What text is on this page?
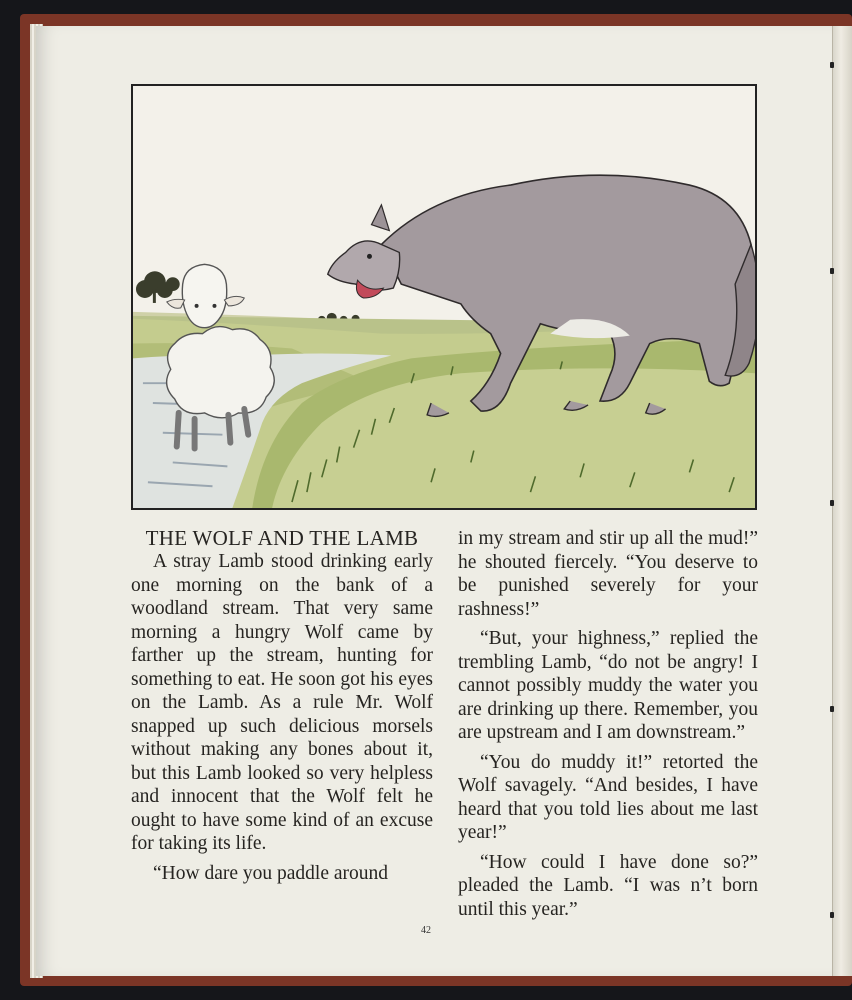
THE WOLF AND THE LAMB

A stray Lamb stood drinking early one morning on the bank of a woodland stream. That very same morning a hungry Wolf came by farther up the stream, hunting for something to eat. He soon got his eyes on the Lamb. As a rule Mr. Wolf snapped up such delicious morsels without making any bones about it, but this Lamb looked so very helpless and innocent that the Wolf felt he ought to have some kind of an excuse for taking its life.

“How dare you paddle around

in my stream and stir up all the mud!” he shouted fiercely. “You deserve to be punished severely for your rashness!”

“But, your highness,” replied the trembling Lamb, “do not be angry! I cannot possibly muddy the water you are drinking up there. Remember, you are upstream and I am downstream.”

“You do muddy it!” retorted the Wolf savagely. “And besides, I have heard that you told lies about me last year!”

“How could I have done so?” pleaded the Lamb. “I was n’t born until this year.”

42
